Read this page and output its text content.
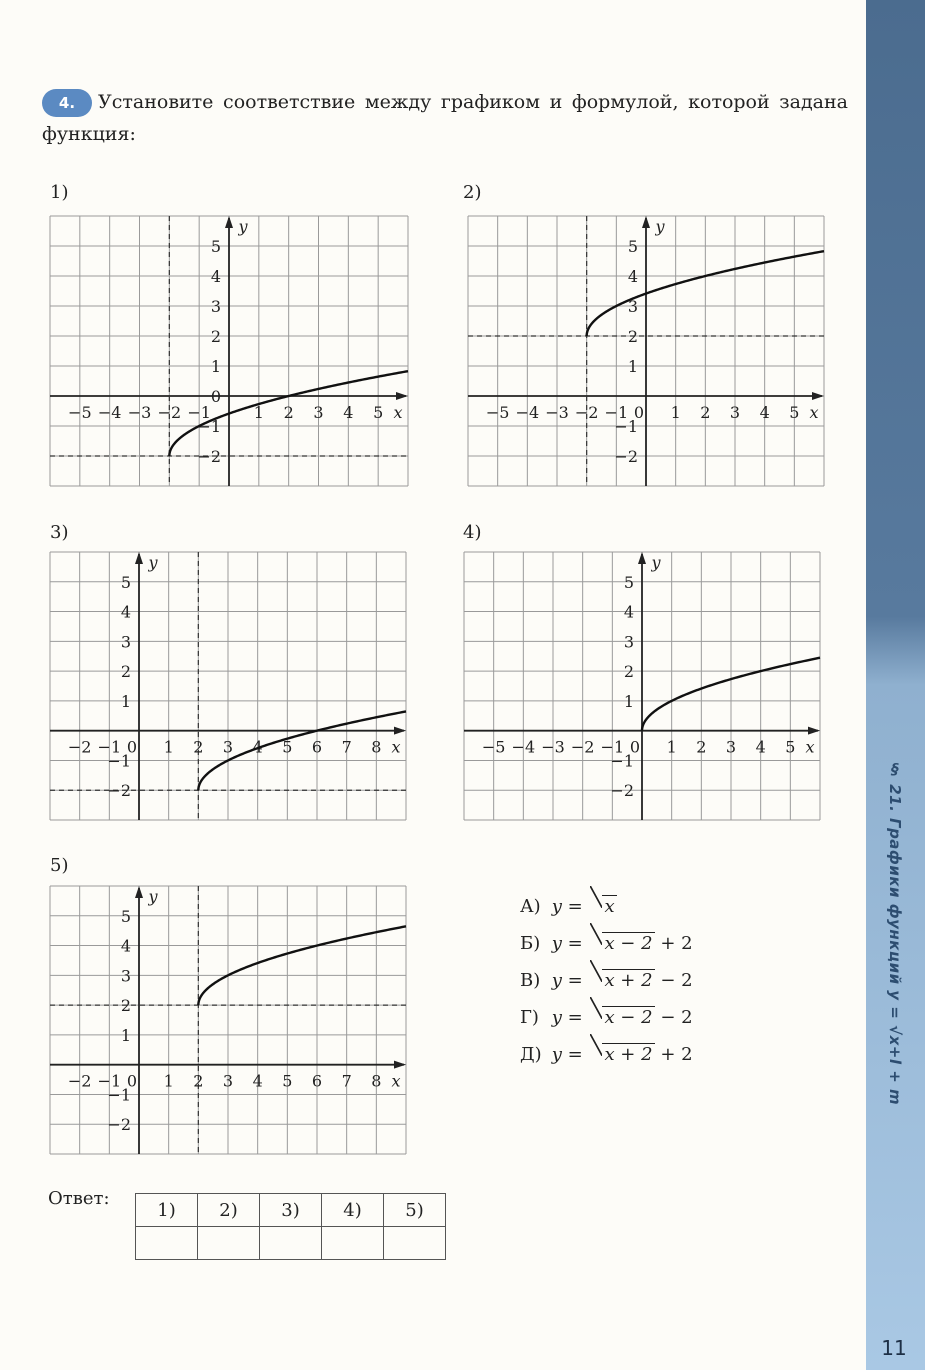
§ 21. Графики функций y = √x+l + m
11
4. Установите соответствие между графиком и формулой, которой задана функция:
1)
−5 −4 −3 −2 −1	1 2 3 4 5
5
4
3
2
1
0
−1
−2
x
y
2)
−5 −4 −3 −2 −1 0 1 2 3 4 5
5
4
3
2
1
−1
−2
x
y
3)
−2 −1 0 1 2 3 4 5 6 7 8
5
4
3
2
1
−1
−2
x
y
4)
−5 −4 −3 −2 −1 0 1 2 3 4 5
5
4
3
2
1
−1
−2
x
y
5)
−2 −1 0 1 2 3 4 5 6 7 8
5
4
3
2
1
−1
−2
x
y	А) y = x
Б) y = x − 2 + 2
В) y = x + 2 − 2
Г) y = x − 2 − 2
Д) y = x + 2 + 2
Ответ:
1)	2)	3)	4)	5)
